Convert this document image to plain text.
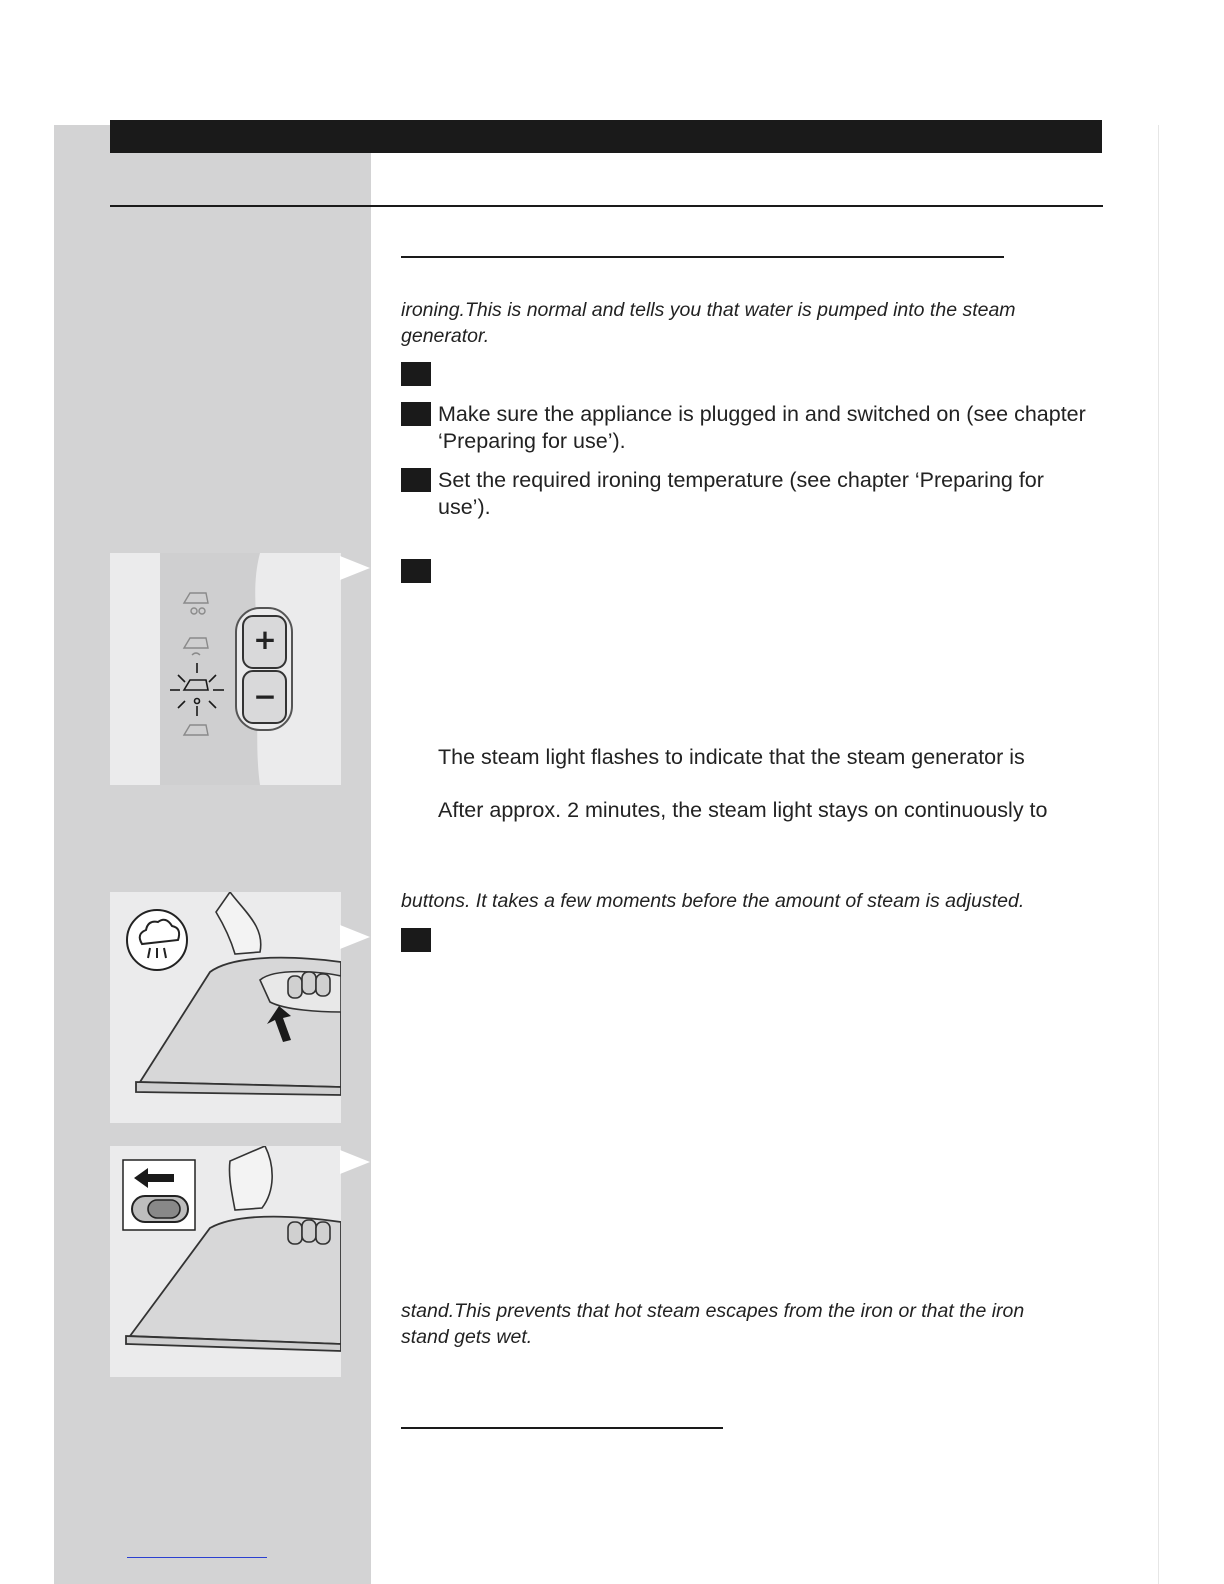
ironing.This is normal and tells you that water is pumped into the steam
generator.

Make sure the appliance is plugged in and switched on (see chapter
‘Preparing for use’).

Set the required ironing temperature (see chapter ‘Preparing for
use’).

+
−

The steam light flashes to indicate that the steam generator is

After approx. 2 minutes, the steam light stays on continuously to

buttons. It takes a few moments before the amount of steam is adjusted.

stand.This prevents that hot steam escapes from the iron or that the iron
stand gets wet.
